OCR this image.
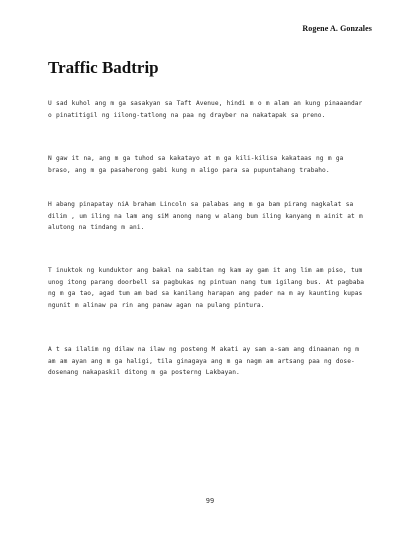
Rogene A. Gonzales
Traffic Badtrip

U sad kuhol ang m ga sasakyan sa Taft Avenue, hindi m o m alam an kung pinaaandar o pinatitigil ng iilong-tatlong na paa ng drayber na nakatapak sa preno.

N gaw it na, ang m ga tuhod sa kakatayo at m ga kili-kilisa kakataas ng m ga braso, ang m ga pasaherong gabi kung m aligo para sa pupuntahang trabaho.

H abang pinapatay niA braham Lincoln sa palabas ang m ga bam pirang nagkalat sa dilim , um iling na lam ang siM anong nang w alang bum iling kanyang m ainit at m alutong na tindang m ani.

T inuktok ng kunduktor ang bakal na sabitan ng kam ay gam it ang lim am piso, tum unog itong parang doorbell sa pagbukas ng pintuan nang tum igilang bus. At pagbaba ng m ga tao, agad tum am bad sa kanilang harapan ang pader na m ay kaunting kupas ngunit m alinaw pa rin ang panaw agan na pulang pintura.

A t sa ilalim ng dilaw na ilaw ng posteng M akati ay sam a-sam ang dinaanan ng m am am ayan ang m ga haligi, tila ginagaya ang m ga nagm am artsang paa ng dose-dosenang nakapaskil ditong m ga posterng Lakbayan.

99
